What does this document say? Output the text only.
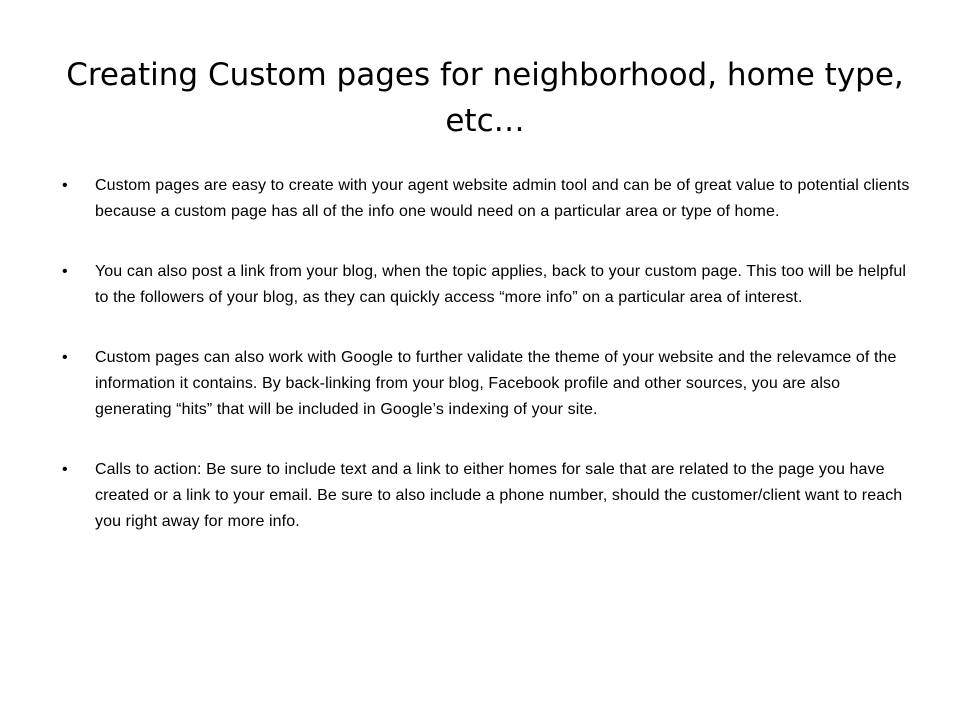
Creating Custom pages for neighborhood, home type, etc…
• Custom pages are easy to create with your agent website admin tool and can be of great value to potential clients because a custom page has all of the info one would need on a particular area or type of home.
• You can also post a link from your blog, when the topic applies, back to your custom page. This too will be helpful to the followers of your blog, as they can quickly access “more info” on a particular area of interest.
• Custom pages can also work with Google to further validate the theme of your website and the relevamce of the information it contains. By back-linking from your blog, Facebook profile and other sources, you are also generating “hits” that will be included in Google’s indexing of your site.
• Calls to action: Be sure to include text and a link to either homes for sale that are related to the page you have created or a link to your email. Be sure to also include a phone number, should the customer/client want to reach you right away for more info.
